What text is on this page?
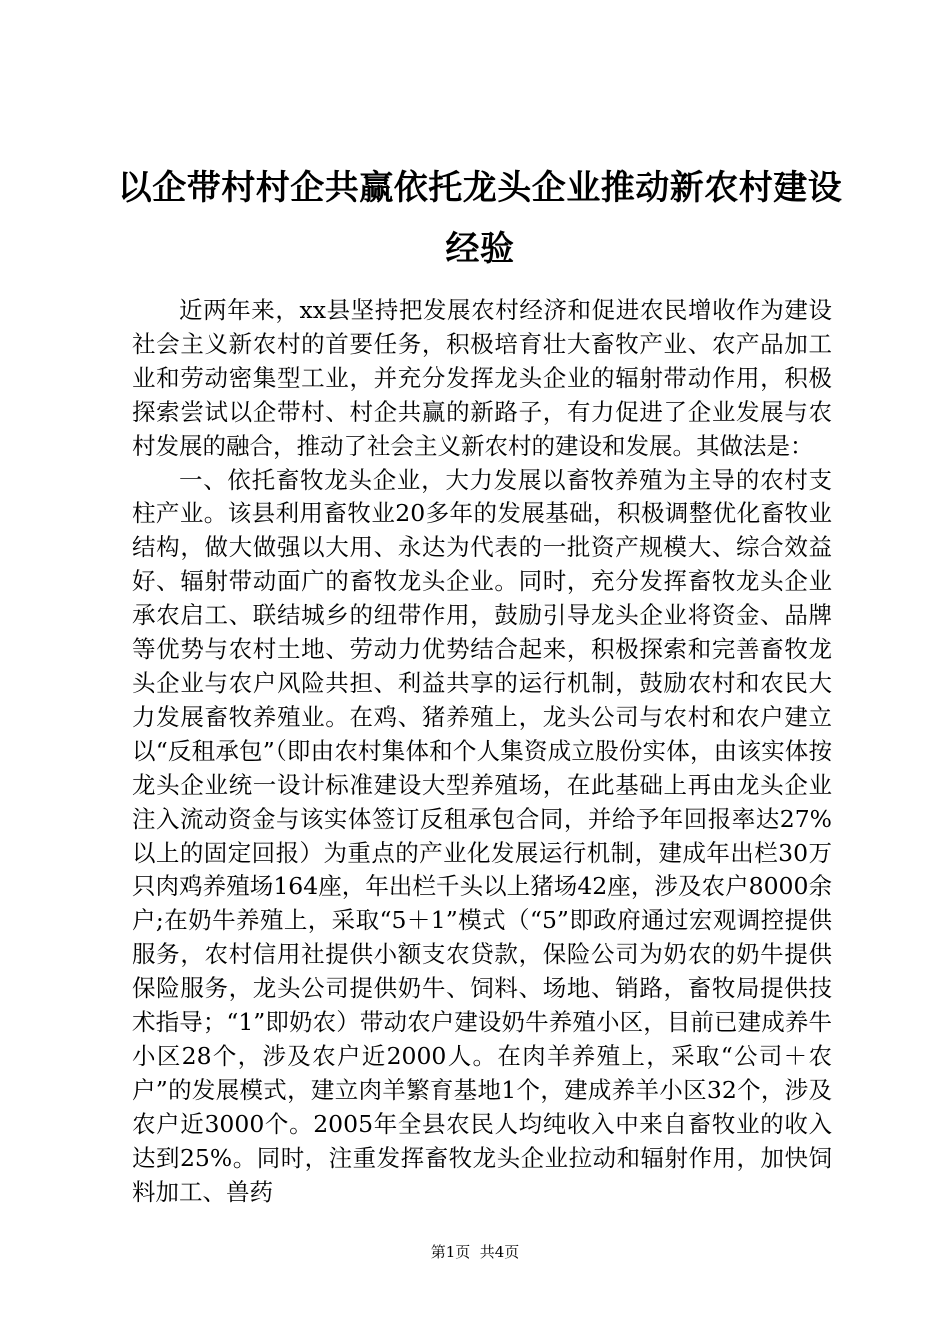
以企带村村企共赢依托龙头企业推动新农村建设经验

近两年来，xx县坚持把发展农村经济和促进农民增收作为建设社会主义新农村的首要任务，积极培育壮大畜牧产业、农产品加工业和劳动密集型工业，并充分发挥龙头企业的辐射带动作用，积极探索尝试以企带村、村企共赢的新路子，有力促进了企业发展与农村发展的融合，推动了社会主义新农村的建设和发展。其做法是：

一、依托畜牧龙头企业，大力发展以畜牧养殖为主导的农村支柱产业。该县利用畜牧业20多年的发展基础，积极调整优化畜牧业结构，做大做强以大用、永达为代表的一批资产规模大、综合效益好、辐射带动面广的畜牧龙头企业。同时，充分发挥畜牧龙头企业承农启工、联结城乡的纽带作用，鼓励引导龙头企业将资金、品牌等优势与农村土地、劳动力优势结合起来，积极探索和完善畜牧龙头企业与农户风险共担、利益共享的运行机制，鼓励农村和农民大力发展畜牧养殖业。在鸡、猪养殖上，龙头公司与农村和农户建立以“反租承包”（即由农村集体和个人集资成立股份实体，由该实体按龙头企业统一设计标准建设大型养殖场，在此基础上再由龙头企业注入流动资金与该实体签订反租承包合同，并给予年回报率达27%以上的固定回报）为重点的产业化发展运行机制，建成年出栏30万只肉鸡养殖场164座，年出栏千头以上猪场42座，涉及农户8000余户;在奶牛养殖上，采取“5＋1”模式（“5”即政府通过宏观调控提供服务，农村信用社提供小额支农贷款，保险公司为奶农的奶牛提供保险服务，龙头公司提供奶牛、饲料、场地、销路，畜牧局提供技术指导；“1”即奶农）带动农户建设奶牛养殖小区，目前已建成养牛小区28个，涉及农户近2000人。在肉羊养殖上，采取“公司＋农户”的发展模式，建立肉羊繁育基地1个，建成养羊小区32个，涉及农户近3000个。2005年全县农民人均纯收入中来自畜牧业的收入达到25%。同时，注重发挥畜牧龙头企业拉动和辐射作用，加快饲料加工、兽药

第1页  共4页
